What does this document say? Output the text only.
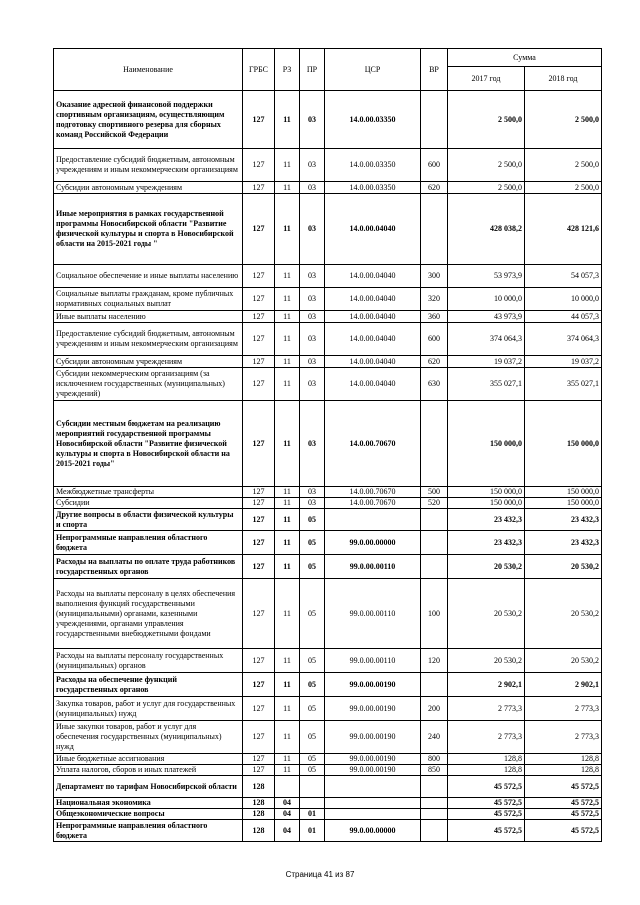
Наименование	ГРБС	РЗ	ПР	ЦСР	ВР	Сумма	
						2017 год	2018 год
Оказание адресной финансовой поддержки спортивным организациям, осуществляющим подготовку спортивного резерва для сборных команд Российской Федерации	127	11	03	14.0.00.03350		2 500,0	2 500,0
Предоставление субсидий бюджетным, автономным учреждениям и иным некоммерческим организациям	127	11	03	14.0.00.03350	600	2 500,0	2 500,0
Субсидии автономным учреждениям	127	11	03	14.0.00.03350	620	2 500,0	2 500,0
Иные мероприятия в рамках государственной программы Новосибирской области "Развитие физической культуры и спорта в Новосибирской области на 2015-2021 годы "	127	11	03	14.0.00.04040		428 038,2	428 121,6
Социальное обеспечение и иные выплаты населению	127	11	03	14.0.00.04040	300	53 973,9	54 057,3
Социальные выплаты гражданам, кроме публичных нормативных социальных выплат	127	11	03	14.0.00.04040	320	10 000,0	10 000,0
Иные выплаты населению	127	11	03	14.0.00.04040	360	43 973,9	44 057,3
Предоставление субсидий бюджетным, автономным учреждениям и иным некоммерческим организациям	127	11	03	14.0.00.04040	600	374 064,3	374 064,3
Субсидии автономным учреждениям	127	11	03	14.0.00.04040	620	19 037,2	19 037,2
Субсидии некоммерческим организациям (за исключением государственных (муниципальных) учреждений)	127	11	03	14.0.00.04040	630	355 027,1	355 027,1
Субсидии местным бюджетам на реализацию мероприятий государственной программы Новосибирской области "Развитие физической культуры и спорта в Новосибирской области на 2015-2021 годы"	127	11	03	14.0.00.70670		150 000,0	150 000,0
Межбюджетные трансферты	127	11	03	14.0.00.70670	500	150 000,0	150 000,0
Субсидии	127	11	03	14.0.00.70670	520	150 000,0	150 000,0
Другие вопросы в области физической культуры и спорта	127	11	05			23 432,3	23 432,3
Непрограммные направления областного бюджета	127	11	05	99.0.00.00000		23 432,3	23 432,3
Расходы на выплаты по оплате труда работников государственных органов	127	11	05	99.0.00.00110		20 530,2	20 530,2
Расходы на выплаты персоналу в целях обеспечения выполнения функций государственными (муниципальными) органами, казенными учреждениями, органами управления государственными внебюджетными фондами	127	11	05	99.0.00.00110	100	20 530,2	20 530,2
Расходы на выплаты персоналу государственных (муниципальных) органов	127	11	05	99.0.00.00110	120	20 530,2	20 530,2
Расходы на обеспечение функций государственных органов	127	11	05	99.0.00.00190		2 902,1	2 902,1
Закупка товаров, работ и услуг для государственных (муниципальных) нужд	127	11	05	99.0.00.00190	200	2 773,3	2 773,3
Иные закупки товаров, работ и услуг для обеспечения государственных (муниципальных) нужд	127	11	05	99.0.00.00190	240	2 773,3	2 773,3
Иные бюджетные ассигнования	127	11	05	99.0.00.00190	800	128,8	128,8
Уплата налогов, сборов и иных платежей	127	11	05	99.0.00.00190	850	128,8	128,8
Департамент по тарифам Новосибирской области	128					45 572,5	45 572,5
Национальная экономика	128	04				45 572,5	45 572,5
Общеэкономические вопросы	128	04	01			45 572,5	45 572,5
Непрограммные направления областного бюджета	128	04	01	99.0.00.00000		45 572,5	45 572,5
Страница 41 из 87
